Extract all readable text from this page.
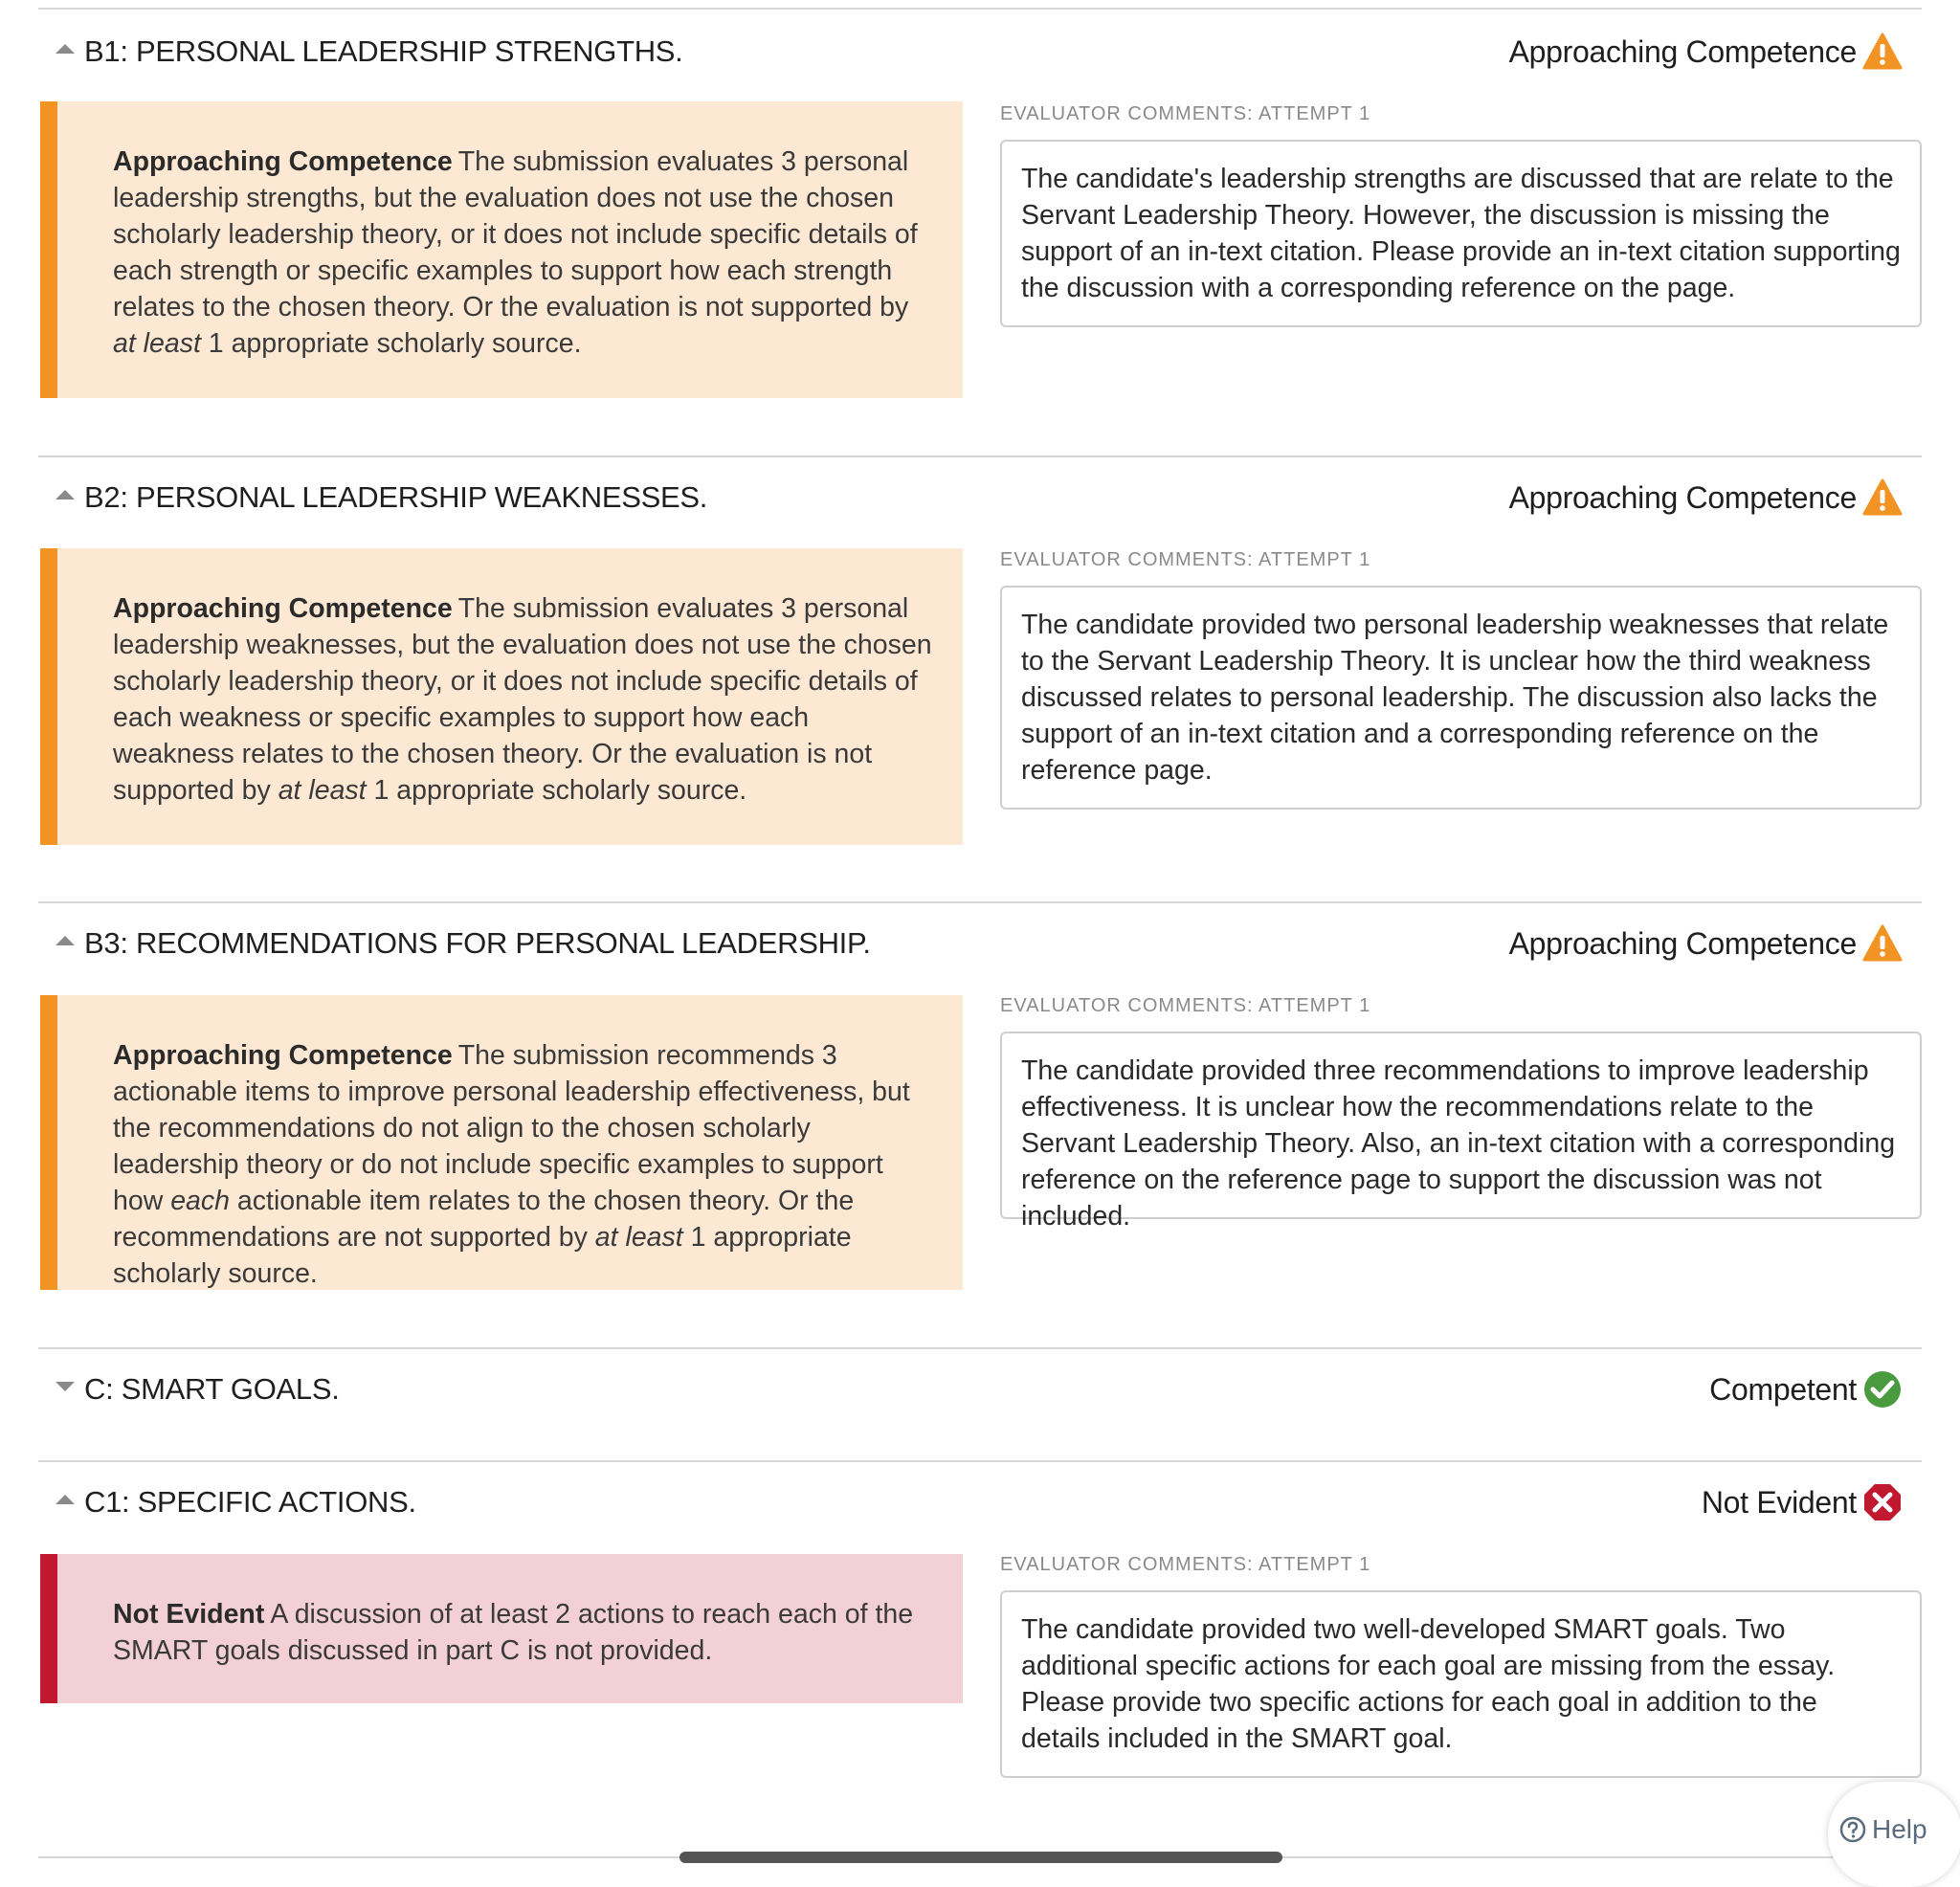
B1: PERSONAL LEADERSHIP STRENGTHS.	Approaching Competence
Approaching Competence The submission evaluates 3 personal leadership strengths, but the evaluation does not use the chosen scholarly leadership theory, or it does not include specific details of each strength or specific examples to support how each strength relates to the chosen theory. Or the evaluation is not supported by at least 1 appropriate scholarly source.
EVALUATOR COMMENTS: ATTEMPT 1
The candidate's leadership strengths are discussed that are relate to the Servant Leadership Theory. However, the discussion is missing the support of an in-text citation. Please provide an in-text citation supporting the discussion with a corresponding reference on the page.
B2: PERSONAL LEADERSHIP WEAKNESSES.	Approaching Competence
Approaching Competence The submission evaluates 3 personal leadership weaknesses, but the evaluation does not use the chosen scholarly leadership theory, or it does not include specific details of each weakness or specific examples to support how each weakness relates to the chosen theory. Or the evaluation is not supported by at least 1 appropriate scholarly source.
EVALUATOR COMMENTS: ATTEMPT 1
The candidate provided two personal leadership weaknesses that relate to the Servant Leadership Theory. It is unclear how the third weakness discussed relates to personal leadership. The discussion also lacks the support of an in-text citation and a corresponding reference on the reference page.
B3: RECOMMENDATIONS FOR PERSONAL LEADERSHIP.	Approaching Competence
Approaching Competence The submission recommends 3 actionable items to improve personal leadership effectiveness, but the recommendations do not align to the chosen scholarly leadership theory or do not include specific examples to support how each actionable item relates to the chosen theory. Or the recommendations are not supported by at least 1 appropriate scholarly source.
EVALUATOR COMMENTS: ATTEMPT 1
The candidate provided three recommendations to improve leadership effectiveness. It is unclear how the recommendations relate to the Servant Leadership Theory. Also, an in-text citation with a corresponding reference on the reference page to support the discussion was not included.
C: SMART GOALS.	Competent
C1: SPECIFIC ACTIONS.	Not Evident
Not Evident A discussion of at least 2 actions to reach each of the SMART goals discussed in part C is not provided.
EVALUATOR COMMENTS: ATTEMPT 1
The candidate provided two well-developed SMART goals. Two additional specific actions for each goal are missing from the essay. Please provide two specific actions for each goal in addition to the details included in the SMART goal.
Help
